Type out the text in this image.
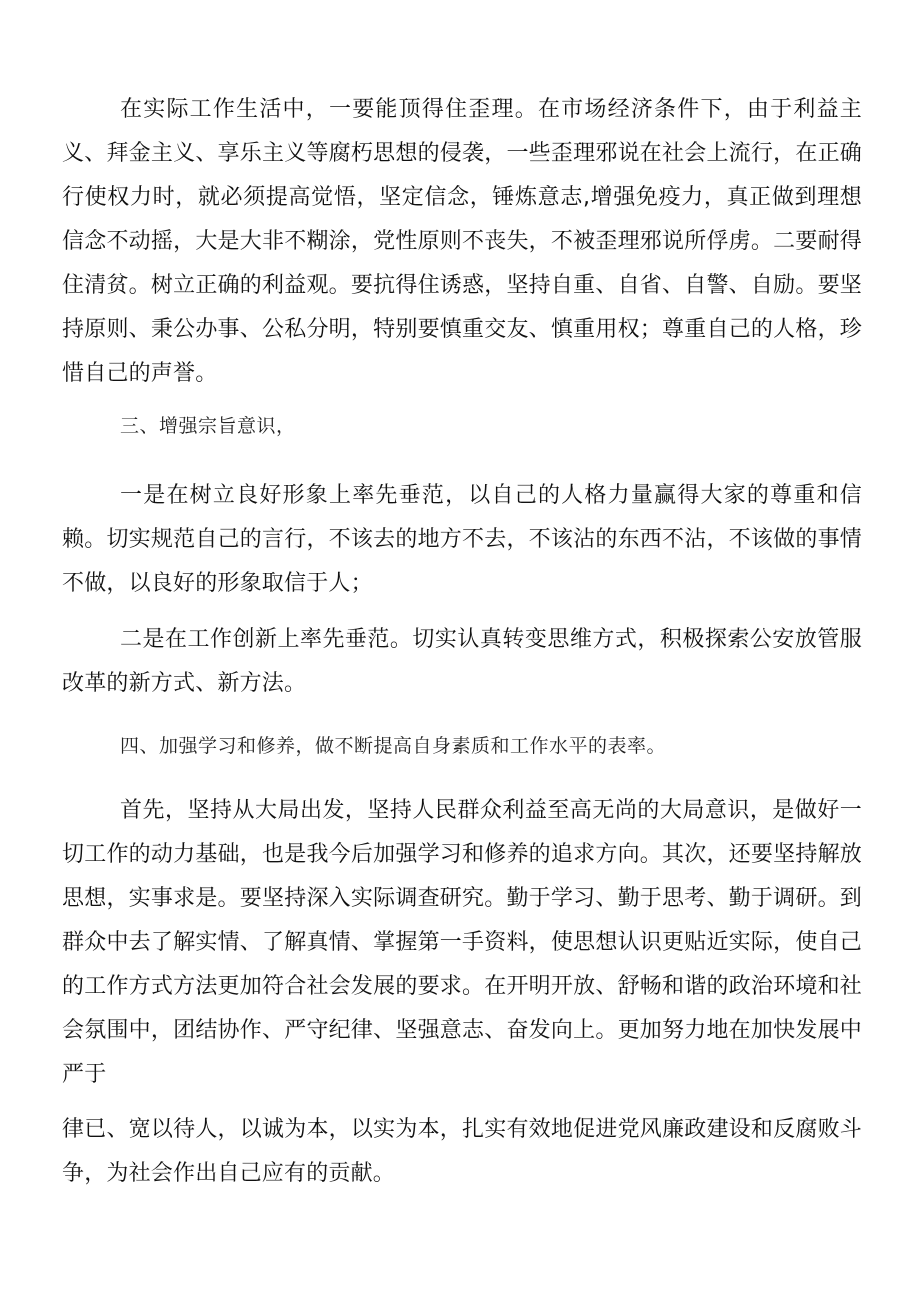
在实际工作生活中，一要能顶得住歪理。在市场经济条件下，由于利益主义、拜金主义、享乐主义等腐朽思想的侵袭，一些歪理邪说在社会上流行，在正确行使权力时，就必须提高觉悟，坚定信念，锤炼意志,增强免疫力，真正做到理想信念不动摇，大是大非不糊涂，党性原则不丧失，不被歪理邪说所俘虏。二要耐得住清贫。树立正确的利益观。要抗得住诱惑，坚持自重、自省、自警、自励。要坚持原则、秉公办事、公私分明，特别要慎重交友、慎重用权；尊重自己的人格，珍惜自己的声誉。

三、增强宗旨意识，

一是在树立良好形象上率先垂范，以自己的人格力量赢得大家的尊重和信赖。切实规范自己的言行，不该去的地方不去，不该沾的东西不沾，不该做的事情不做，以良好的形象取信于人；

二是在工作创新上率先垂范。切实认真转变思维方式，积极探索公安放管服改革的新方式、新方法。

四、加强学习和修养，做不断提高自身素质和工作水平的表率。

首先，坚持从大局出发，坚持人民群众利益至高无尚的大局意识，是做好一切工作的动力基础，也是我今后加强学习和修养的追求方向。其次，还要坚持解放思想，实事求是。要坚持深入实际调查研究。勤于学习、勤于思考、勤于调研。到群众中去了解实情、了解真情、掌握第一手资料，使思想认识更贴近实际，使自己的工作方式方法更加符合社会发展的要求。在开明开放、舒畅和谐的政治环境和社会氛围中，团结协作、严守纪律、坚强意志、奋发向上。更加努力地在加快发展中严于

律已、宽以待人，以诚为本，以实为本，扎实有效地促进党风廉政建设和反腐败斗争，为社会作出自己应有的贡献。
